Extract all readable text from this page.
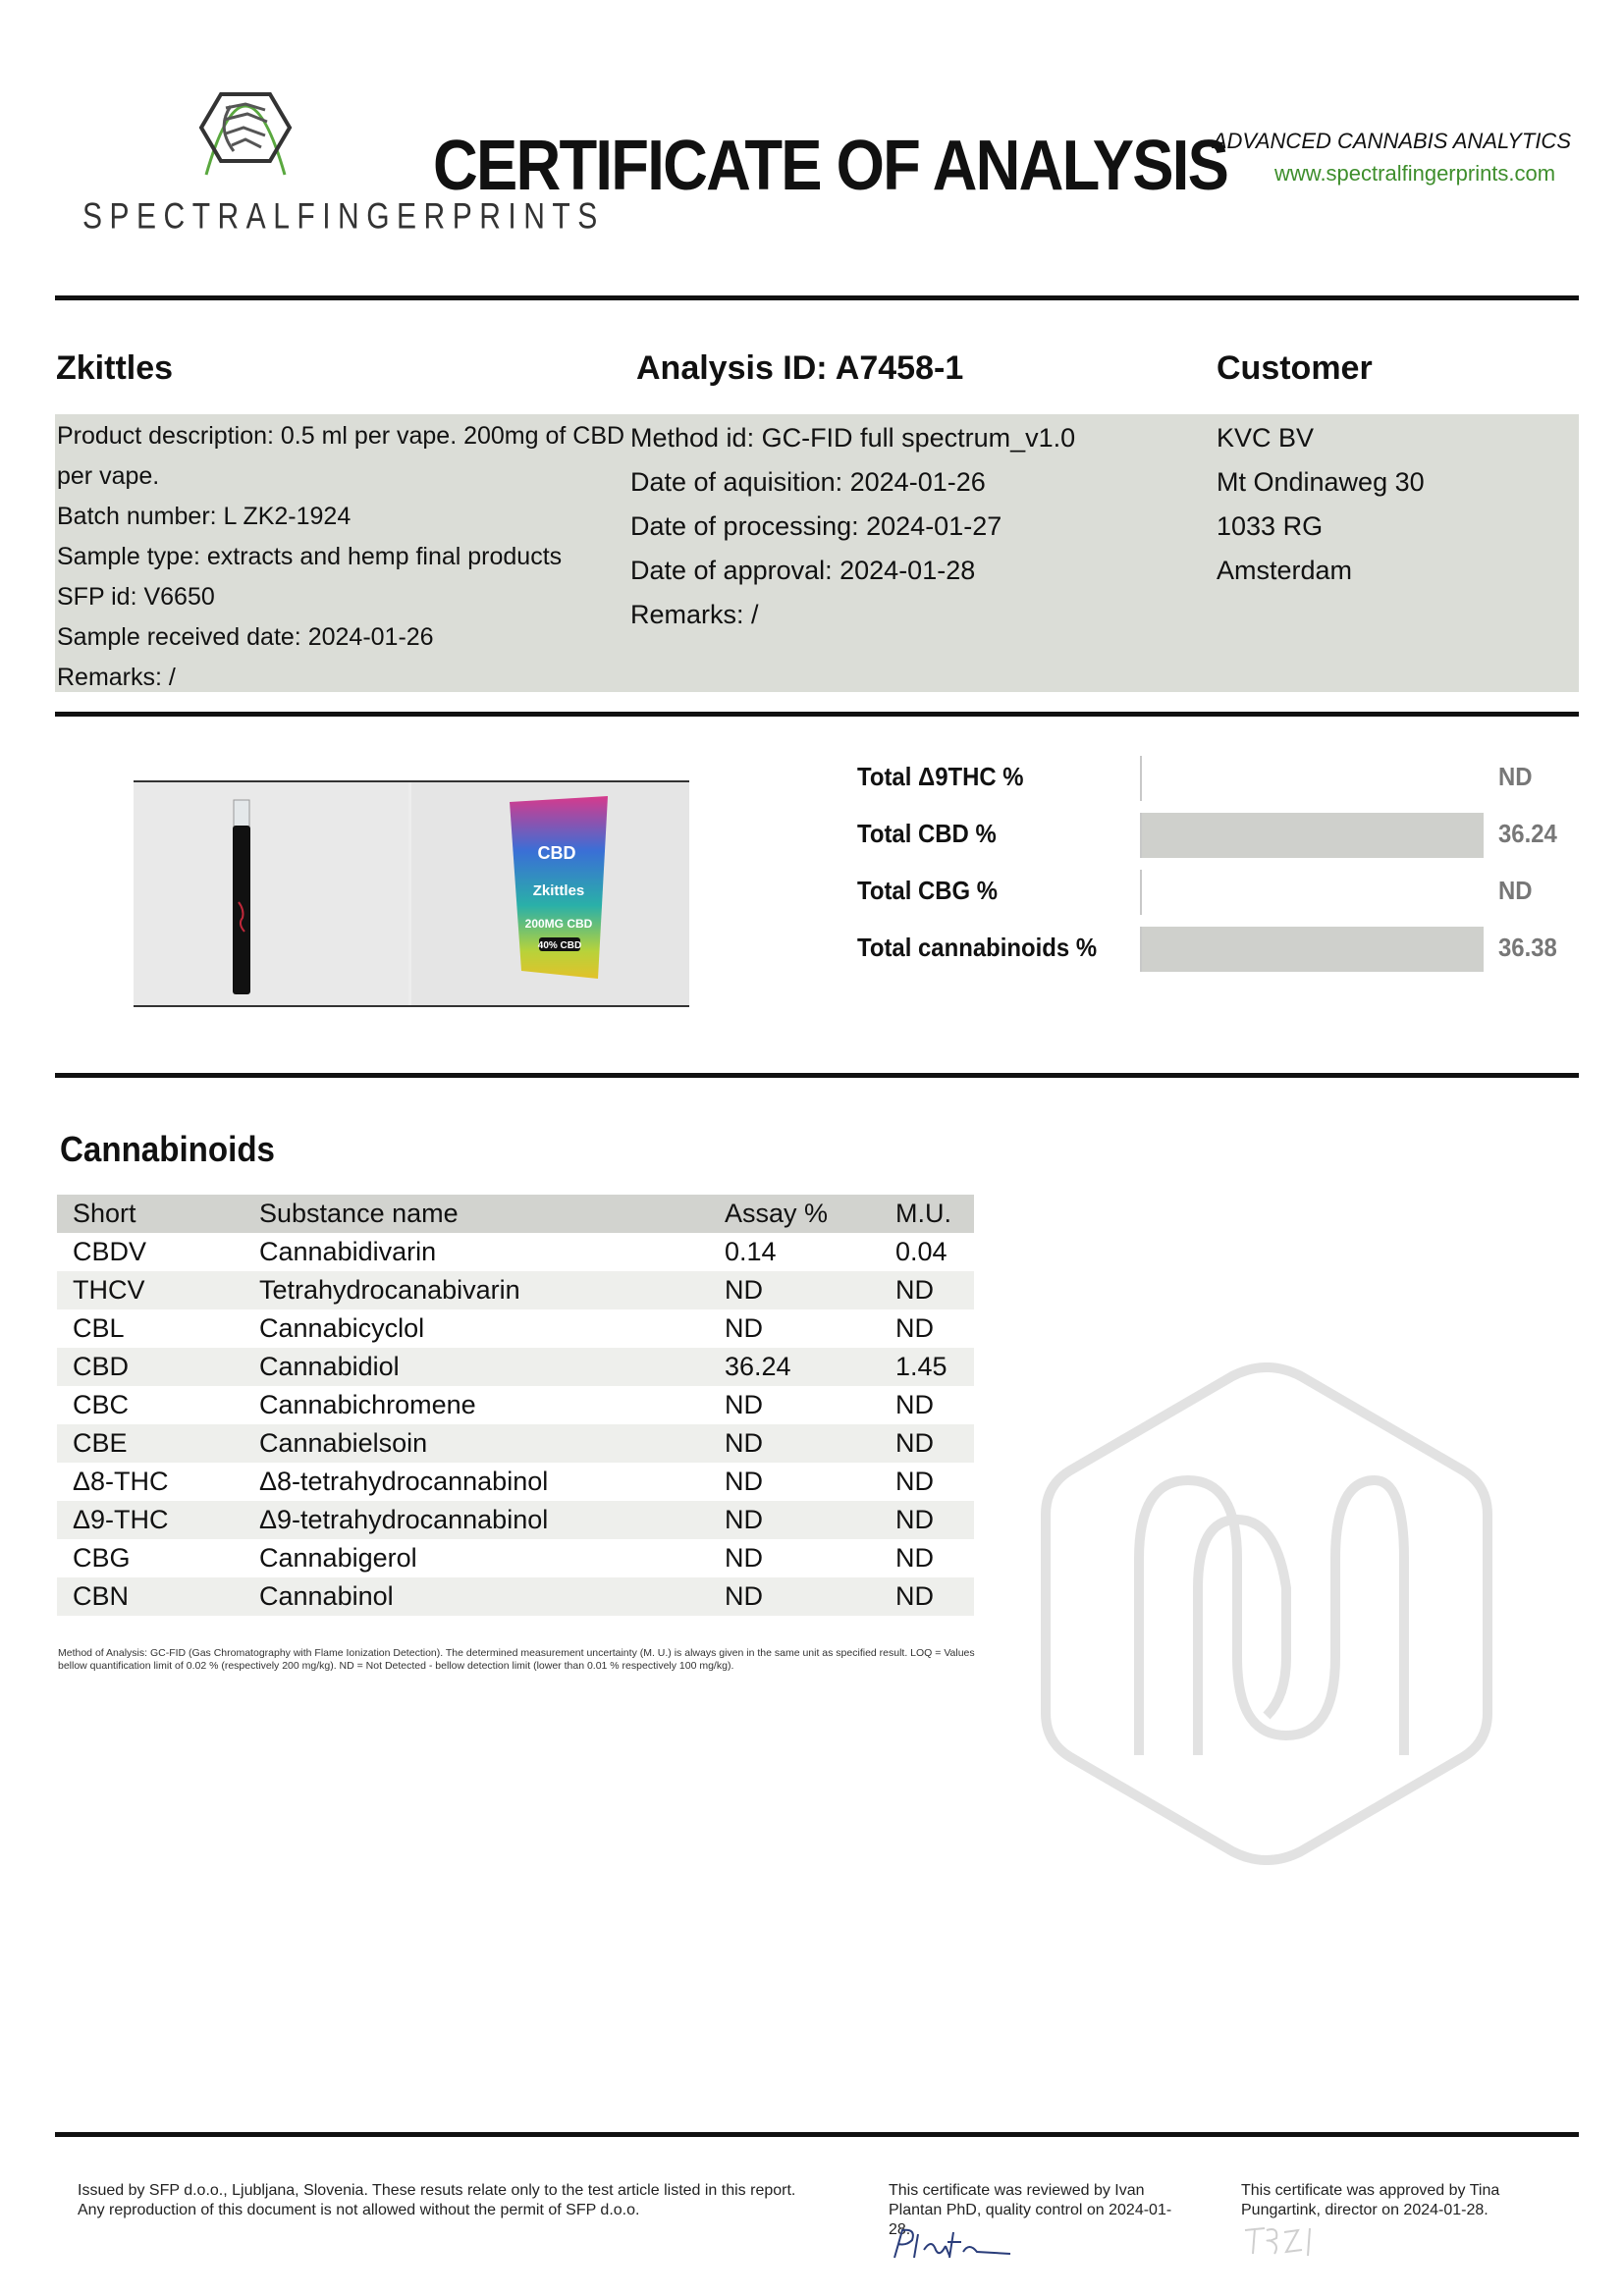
SPECTRALFINGERPRINTS
CERTIFICATE OF ANALYSIS
ADVANCED CANNABIS ANALYTICS
www.spectralfingerprints.com
Zkittles	Analysis ID: A7458-1	Customer
Product description: 0.5 ml per vape. 200mg of CBD
per vape.
Batch number: L ZK2-1924
Sample type: extracts and hemp final products
SFP id: V6650
Sample received date: 2024-01-26
Remarks: /
Method id: GC-FID full spectrum_v1.0
Date of aquisition: 2024-01-26
Date of processing: 2024-01-27
Date of approval: 2024-01-28
Remarks: /
KVC BV
Mt Ondinaweg 30
1033 RG
Amsterdam
CBD
Zkittles
200MG CBD
40% CBD
Total Δ9THC %	ND
Total CBD %	36.24
Total CBG %	ND
Total cannabinoids %	36.38
Cannabinoids
Short	Substance name	Assay %	M.U.
CBDV	Cannabidivarin	0.14	0.04
THCV	Tetrahydrocanabivarin	ND	ND
CBL	Cannabicyclol	ND	ND
CBD	Cannabidiol	36.24	1.45
CBC	Cannabichromene	ND	ND
CBE	Cannabielsoin	ND	ND
Δ8-THC	Δ8-tetrahydrocannabinol	ND	ND
Δ9-THC	Δ9-tetrahydrocannabinol	ND	ND
CBG	Cannabigerol	ND	ND
CBN	Cannabinol	ND	ND
Method of Analysis: GC-FID (Gas Chromatography with Flame Ionization Detection). The determined measurement uncertainty (M. U.) is always given in the same unit as specified result. LOQ = Values bellow quantification limit of 0.02 % (respectively 200 mg/kg). ND = Not Detected - bellow detection limit (lower than 0.01 % respectively 100 mg/kg).
Issued by SFP d.o.o., Ljubljana, Slovenia. These resuts relate only to the test article listed in this report. Any reproduction of this document is not allowed without the permit of SFP d.o.o.
This certificate was reviewed by Ivan Plantan PhD, quality control on 2024-01-28.
This certificate was approved by Tina Pungartink, director on 2024-01-28.
